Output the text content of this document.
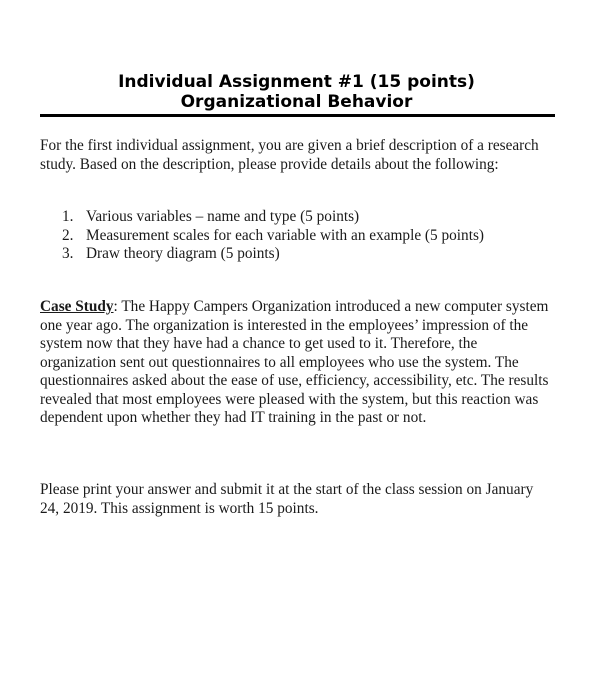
Individual Assignment #1 (15 points)
Organizational Behavior

For the first individual assignment, you are given a brief description of a research study. Based on the description, please provide details about the following:

1. Various variables – name and type (5 points)
2. Measurement scales for each variable with an example (5 points)
3. Draw theory diagram (5 points)

Case Study: The Happy Campers Organization introduced a new computer system one year ago. The organization is interested in the employees’ impression of the system now that they have had a chance to get used to it. Therefore, the organization sent out questionnaires to all employees who use the system. The questionnaires asked about the ease of use, efficiency, accessibility, etc. The results revealed that most employees were pleased with the system, but this reaction was dependent upon whether they had IT training in the past or not.

Please print your answer and submit it at the start of the class session on January 24, 2019. This assignment is worth 15 points.
